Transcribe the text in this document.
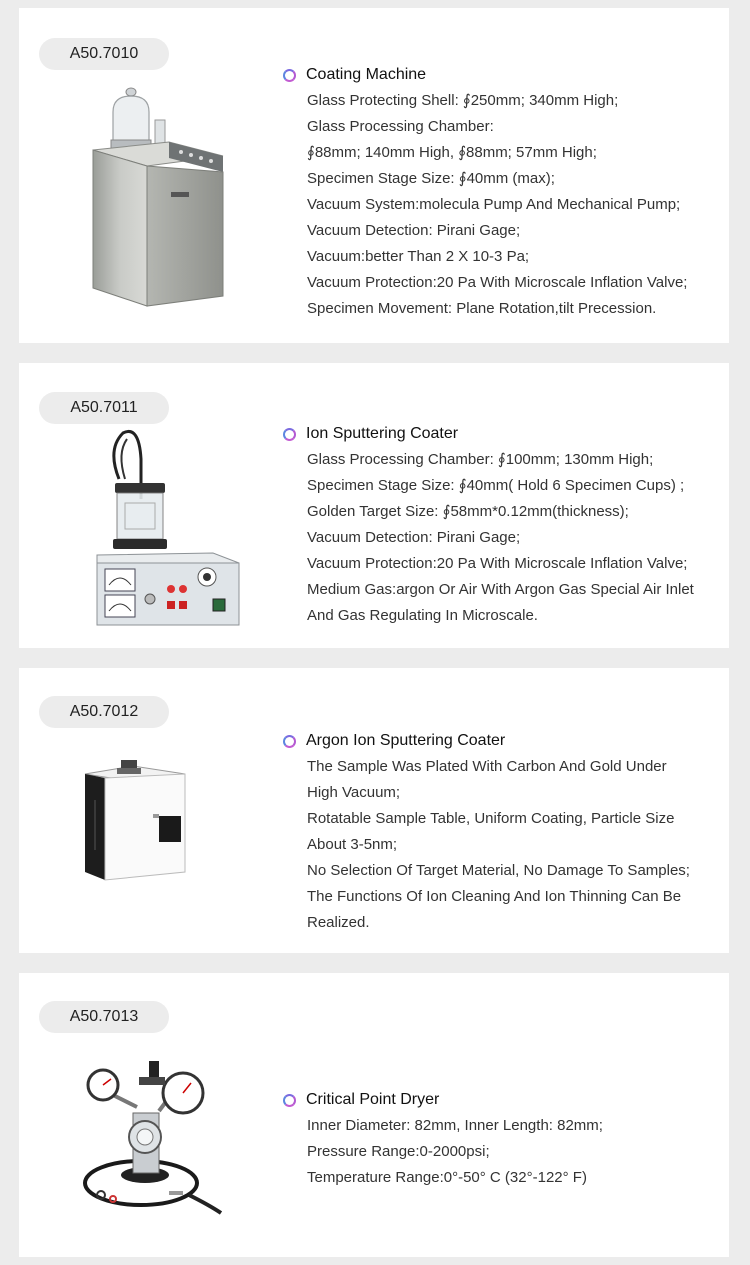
A50.7010
Coating Machine
Glass Protecting Shell: ∮250mm; 340mm High;
Glass Processing Chamber:
∮88mm; 140mm High, ∮88mm; 57mm High;
Specimen Stage Size: ∮40mm (max);
Vacuum System:molecula Pump And Mechanical Pump;
Vacuum Detection: Pirani Gage;
Vacuum:better Than 2 X 10-3 Pa;
Vacuum Protection:20 Pa With Microscale Inflation Valve;
Specimen Movement: Plane Rotation,tilt Precession.
A50.7011
Ion Sputtering Coater
Glass Processing Chamber: ∮100mm; 130mm High;
Specimen Stage Size: ∮40mm( Hold 6 Specimen Cups) ;
Golden Target Size: ∮58mm*0.12mm(thickness);
Vacuum Detection: Pirani Gage;
Vacuum Protection:20 Pa With Microscale Inflation Valve;
Medium Gas:argon Or Air With Argon Gas Special Air Inlet
And Gas Regulating In Microscale.
A50.7012
Argon Ion Sputtering Coater
The Sample Was Plated With Carbon And Gold Under
High Vacuum;
Rotatable Sample Table, Uniform Coating, Particle Size
About 3-5nm;
No Selection Of Target Material, No Damage To Samples;
The Functions Of Ion Cleaning And Ion Thinning Can Be
Realized.
A50.7013
Critical Point Dryer
Inner Diameter: 82mm, Inner Length: 82mm;
Pressure Range:0-2000psi;
Temperature Range:0°-50° C (32°-122° F)
